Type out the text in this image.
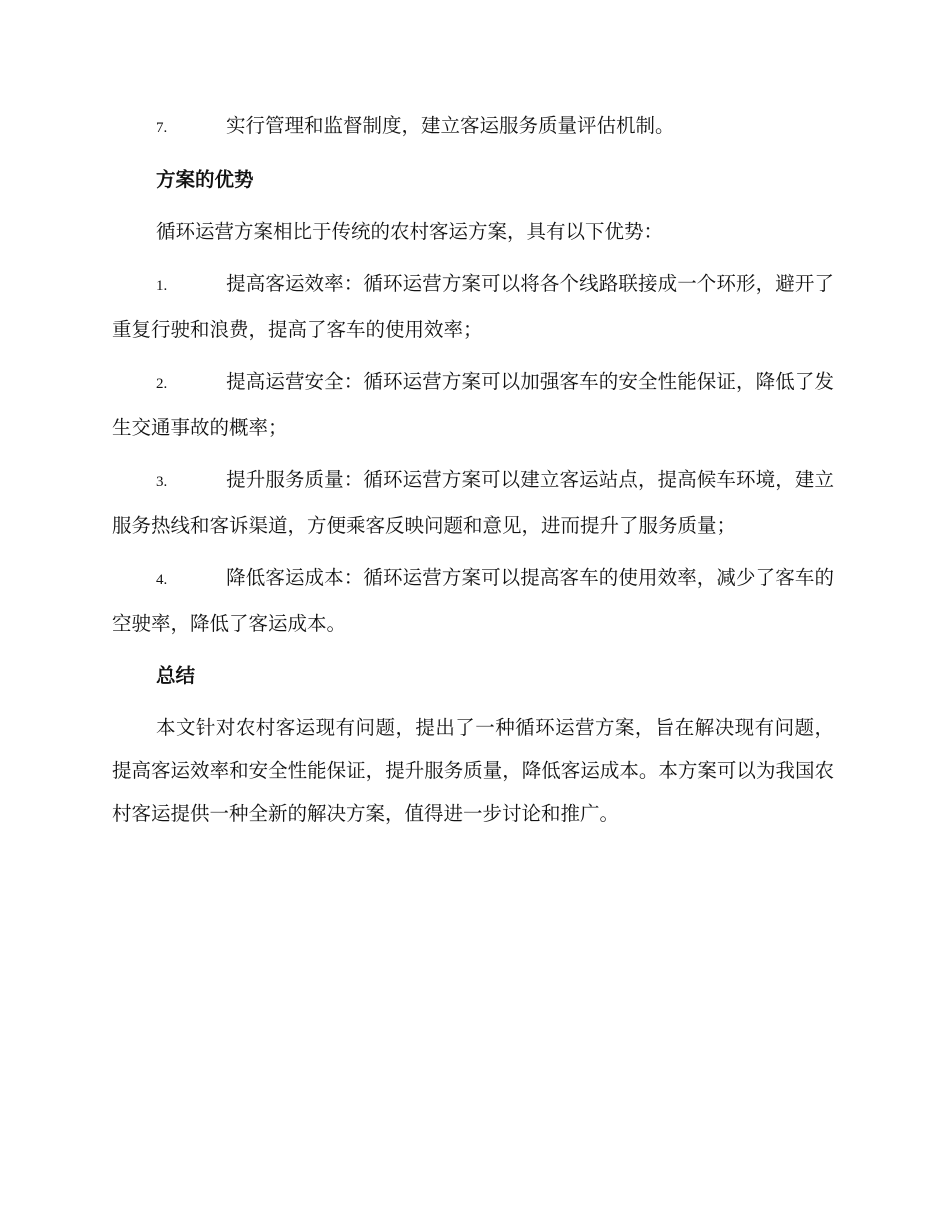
7.	实行管理和监督制度，建立客运服务质量评估机制。

方案的优势

循环运营方案相比于传统的农村客运方案，具有以下优势：

1.	提高客运效率：循环运营方案可以将各个线路联接成一个环形，避开了重复行驶和浪费，提高了客车的使用效率；

2.	提高运营安全：循环运营方案可以加强客车的安全性能保证，降低了发生交通事故的概率；

3.	提升服务质量：循环运营方案可以建立客运站点，提高候车环境，建立服务热线和客诉渠道，方便乘客反映问题和意见，进而提升了服务质量；

4.	降低客运成本：循环运营方案可以提高客车的使用效率，减少了客车的空驶率，降低了客运成本。

总结

本文针对农村客运现有问题，提出了一种循环运营方案，旨在解决现有问题，提高客运效率和安全性能保证，提升服务质量，降低客运成本。本方案可以为我国农村客运提供一种全新的解决方案，值得进一步讨论和推广。
